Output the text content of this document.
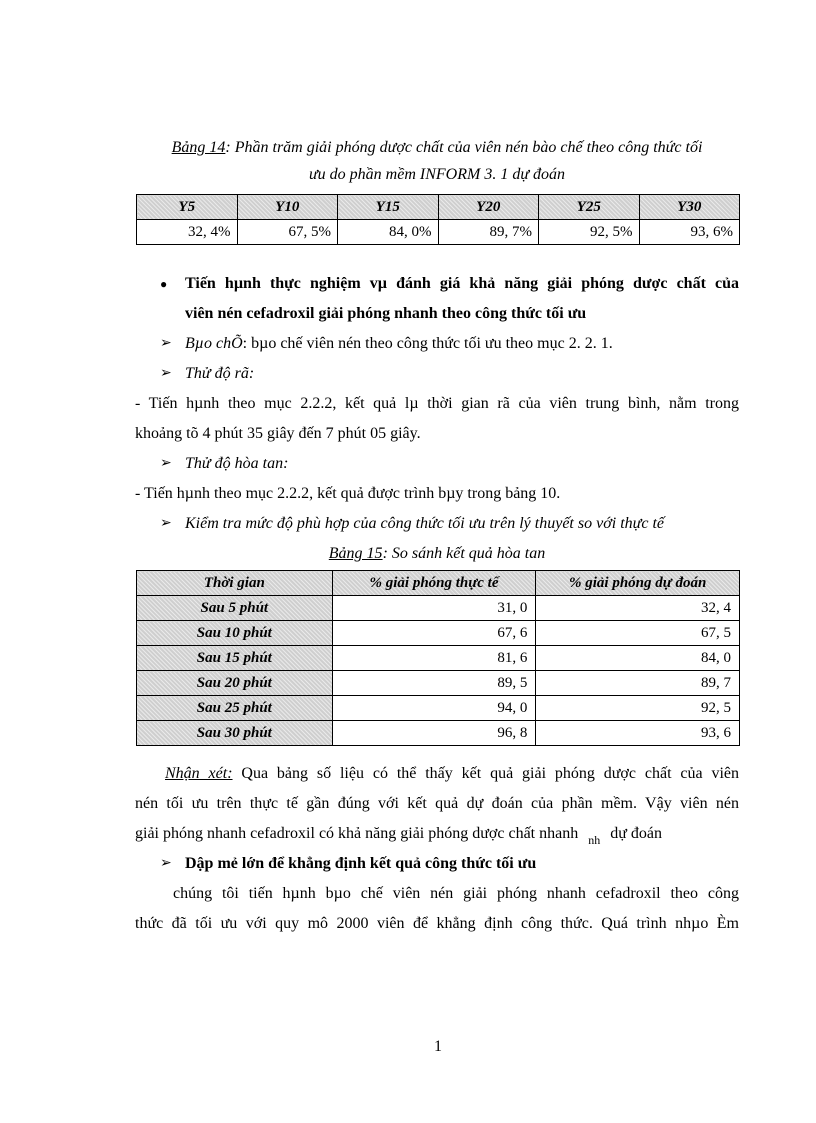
Bảng 14: Phần trăm giải phóng dược chất của viên nén bào chế theo công thức tối
ưu do phần mềm INFORM 3. 1 dự đoán
Y5	Y10	Y15	Y20	Y25	Y30
32, 4%	67, 5%	84, 0%	89, 7%	92, 5%	93, 6%
● Tiến hµnh thực nghiệm vµ đánh giá khả năng giải phóng dược chất của
viên nén cefadroxil giải phóng nhanh theo công thức tối ưu
➢ Bµo chÕ: bµo chế viên nén theo công thức tối ưu theo mục 2. 2. 1.
➢ Thử độ rã:
- Tiến hµnh theo mục 2.2.2, kết quả lµ thời gian rã của viên trung bình, nằm trong
khoảng tõ 4 phút 35 giây đến 7 phút 05 giây.
➢ Thử độ hòa tan:
- Tiến hµnh theo mục 2.2.2, kết quả được trình bµy trong bảng 10.
➢ Kiểm tra mức độ phù hợp của công thức tối ưu trên lý thuyết so với thực tế
Bảng 15: So sánh kết quả hòa tan
Thời gian	% giải phóng thực tế	% giải phóng dự đoán
Sau 5 phút	31, 0	32, 4
Sau 10 phút	67, 6	67, 5
Sau 15 phút	81, 6	84, 0
Sau 20 phút	89, 5	89, 7
Sau 25 phút	94, 0	92, 5
Sau 30 phút	96, 8	93, 6
Nhận xét: Qua bảng số liệu có thể thấy kết quả giải phóng dược chất của viên
nén tối ưu trên thực tế gần đúng với kết quả dự đoán của phần mềm. Vậy viên nén
giải phóng nhanh cefadroxil có khả năng giải phóng dược chất nhanh $_{nh}$ dự đoán
➢ Dập mẻ lớn để khẳng định kết quả công thức tối ưu
chúng tôi tiến hµnh bµo chế viên nén giải phóng nhanh cefadroxil theo công
thức đã tối ưu với quy mô 2000 viên để khẳng định công thức. Quá trình nhµo Èm
1
